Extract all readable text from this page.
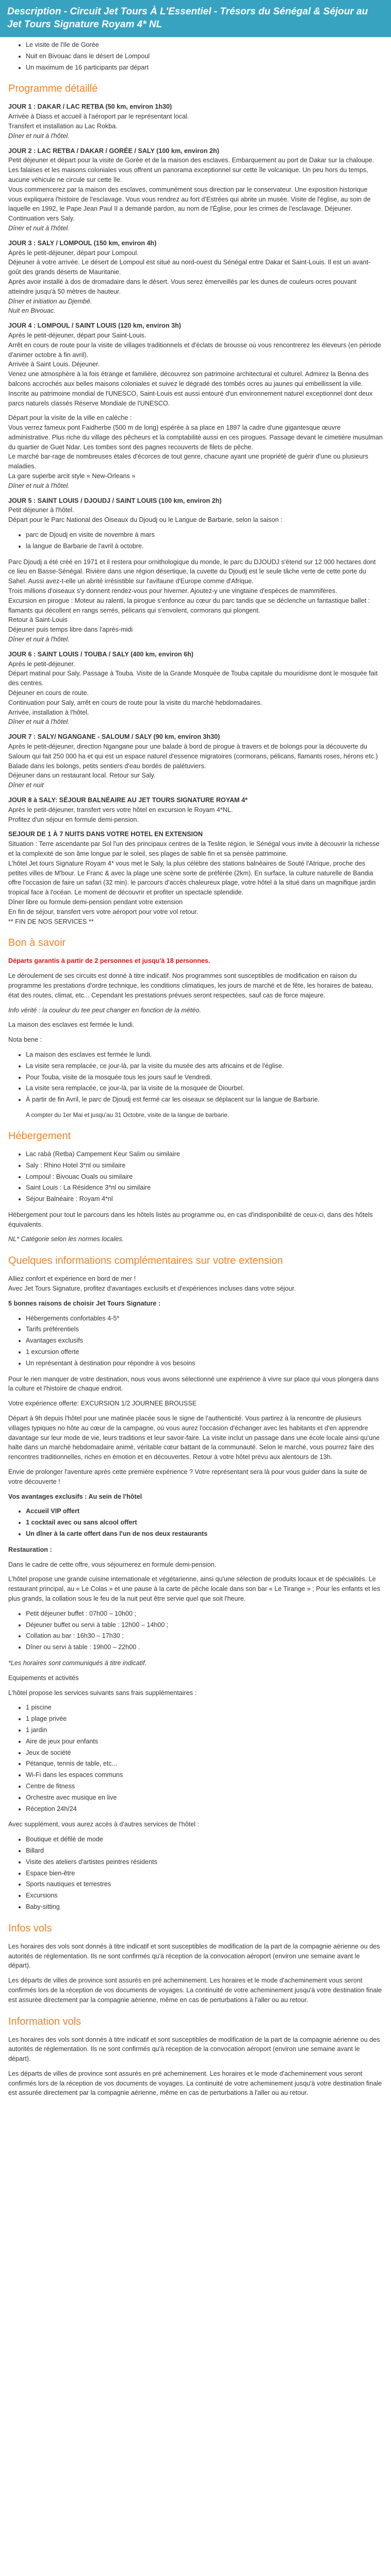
Description - Circuit Jet Tours À L'Essentiel - Trésors du Sénégal & Séjour au Jet Tours Signature Royam 4* NL
• Le visite de l'Ile de Gorée
• Nuit en Bivouac dans le désert de Lompoul
• Un maximum de 16 participants par départ
Programme détaillé
JOUR 1 : DAKAR / LAC RETBA (50 km, environ 1h30)
Arrivée à Diass et accueil à l'aéroport par le représentant local.
Transfert et installation au Lac Rokba.
Dîner et nuit à l'hôtel.
JOUR 2 : LAC RETBA / DAKAR / GORÉE / SALY (100 km, environ 2h)
Petit déjeuner et départ pour la visite de Gorée et de la maison des esclaves. Embarquement au port de Dakar sur la chaloupe. Les falaises et les maisons coloniales vous offrent un panorama exceptionnel sur cette île volcanique. Un peu hors du temps, aucune véhicule ne circule sur cette île.
Vous commencerez par la maison des esclaves, communément sous direction par le conservateur. Une exposition historique vous expliquera l'histoire de l'esclavage. Vous vous rendrez au fort d'Estrées qui abrite un musée. Visite de l'église, au soin de laquelle en 1992, le Pape Jean Paul II a demandé pardon, au nom de l'Église, pour les crimes de l'esclavage. Déjeuner.
Continuation vers Saly.
Dîner et nuit à l'hôtel.
JOUR 3 : SALY / LOMPOUL (150 km, environ 4h)
Après le petit-déjeuner, départ pour Lompoul.
Déjeuner à votre arrivée. Le désert de Lompoul est situé au nord-ouest du Sénégal entre Dakar et Saint-Louis. Il est un avant-goût des grands déserts de Mauritanie.
Après avoir installé à dos de dromadaire dans le désert. Vous serez émerveillés par les dunes de couleurs ocres pouvant atteindre jusqu'à 50 mètres de hauteur.
Dîner et initiation au Djembé.
Nuit en Bivouac.
JOUR 4 : LOMPOUL / SAINT LOUIS (120 km, environ 3h)
Après le petit-déjeuner, départ pour Saint-Louis.
Arrêt en cours de route pour la visite de villages traditionnels et d'éclats de brousse où vous rencontrerez les éleveurs (en période d'animer octobre à fin avril).
Arrivée à Saint Louis. Déjeuner.
Venez une atmosphère à la fois étrange et familière, découvrez son patrimoine architectural et culturel. Admirez la Benna des balcons accrochés aux belles maisons coloniales et suivez le dégradé des tombés ocres au jaunes qui embellissent la ville. Inscrite au patrimoine mondial de l'UNESCO, Saint-Louis est aussi entouré d'un environnement naturel exceptionnel dont deux parcs naturels classés Réserve Mondiale de l'UNESCO.
Départ pour la visite de la ville en calèche :
Vous verrez fameux pont Faidherbe (500 m de long) espérée à sa place en 1897 la cadre d'une gigantesque œuvre administrative. Plus riche du village des pêcheurs et la comptabilité aussi en ces pirogues. Passage devant le cimetière musulman du quartier de Guet Ndar. Les tombes sont des pagnes recouverts de filets de pêche.
Le marché bar-rage de nombreuses étales d'écorces de tout genre, chacune ayant une propriété de guérir d'une ou plusieurs maladies.
La gare superbe arcit style « New-Orleans »
Dîner et nuit à l'hôtel.
JOUR 5 : SAINT LOUIS / DJOUDJ / SAINT LOUIS (100 km, environ 2h)
Petit déjeuner à l'hôtel.
Départ pour le Parc National des Oiseaux du Djoudj ou le Langue de Barbarie, selon la saison :
• parc de Djoudj en visite de novembre à mars
• la langue de Barbarie de l'avril à octobre.
Parc Djoudj a été créé en 1971 et il restera pour ornithologique du monde, le parc du DJOUDJ s'étend sur 12 000 hectares dont ce lieu en Basse-Sénégal. Rivière dans une région désertique, la cuvette du Djoudj est le seule tâche verte de cette porte du Sahel. Aussi avez-t-elle un abrité irrésistible sur l'avifaune d'Europe comme d'Afrique.
Trois millions d'oiseaux s'y donnent rendez-vous pour hiverner. Ajoutez-y une vingtaine d'espèces de mammifères.
Excursion en pirogue : Moteur au ralenti, la pirogue s'enfonce au cœur du parc tandis que se déclenche un fantastique ballet : flamants qui décollent en rangs serrés, pélicans qui s'envolent, cormorans qui plongent.
Retour à Saint-Louis
Déjeuner puis temps libre dans l'après-midi
Dîner et nuit à l'hôtel.
JOUR 6 : SAINT LOUIS / TOUBA / SALY (400 km, environ 6h)
Après le petit-déjeuner.
Départ matinal pour Saly. Passage à Touba. Visite de la Grande Mosquée de Touba capitale du mouridisme dont le mosquée fait des centres.
Déjeuner en cours de route.
Continuation pour Saly, arrêt en cours de route pour la visite du marché hebdomadaires.
Arrivée, installation à l'hôtel.
Dîner et nuit à l'hôtel.
JOUR 7 : SALY/ NGANGANE - SALOUM / SALY (90 km, environ 3h30)
Après le petit-déjeuner, direction Ngangane pour une balade à bord de pirogue à travers et de bolongs pour la découverte du Saloum qui fait 250 000 ha et qui est un espace naturel d'essence migratoires (cormorans, pélicans, flamants roses, hérons etc.)
Balade dans les bolongs, petits sentiers d'eau bordés de palétuviers.
Déjeuner dans un restaurant local. Retour sur Saly.
Dîner et nuit
JOUR 8 à SALY: SÉJOUR BALNÉAIRE AU JET TOURS SIGNATURE ROYAM 4*
Après le petit-déjeuner, transfert vers votre hôtel en excursion le Royam 4*NL.
Profitez d'un séjour en formule demi-pension.
SEJOUR DE 1 À 7 NUITS DANS VOTRE HOTEL EN EXTENSION
Situation : Terre ascendante par Sol l'un des principaux centres de la Teslite région, le Sénégal vous invite à découvrir la richesse et la complexité de son âme longue par le soleil, ses plages de sable fin et sa pensée patrimoine.
L'hôtel Jet tours Signature Royam 4* vous met le Saly, la plus célèbre des stations balnéaires de Souté l'Atrique, proche des petites villes de M'bour. Le Franc & avec la plage une scène sorte de préférée (2km). En surface, la culture naturelle de Bandia offre l'occasion de faire un safari (32 min). le parcours d'accès chaleureux plage, votre hôtel à la situé dans un magnifique jardin tropical face à l'océan. Le moment de découvrir et profiter un spectacle splendide.
Dîner libre ou formule demi-pension pendant votre extension
En fin de séjour, transfert vers votre aéroport pour votre vol retour.
** FIN DE NOS SERVICES **
Bon à savoir
Départs garantis à partir de 2 personnes et jusqu'à 18 personnes.
Le déroulement de ses circuits est donné à titre indicatif. Nos programmes sont susceptibles de modification en raison du programme les prestations d'ordre technique, les conditions climatiques, les jours de marché et de fête, les horaires de bateau, état des routes, climat, etc... Cependant les prestations prévues seront respectées, sauf cas de force majeure.
Info vérité : la couleur du tee peut changer en fonction de la météo.
La maison des esclaves est fermée le lundi.
Nota bene :
• La maison des esclaves est fermée le lundi.
• La visite sera remplacée, ce jour-là, par la visite du musée des arts africains et de l'église.
• Pour Touba, visite de la mosquée tous les jours sauf le Vendredi.
• La visite sera remplacée, ce jour-là, par la visite de la mosquée de Diourbel.
• À partir de fin Avril, le parc de Djoudj est fermé car les oiseaux se déplacent sur la langue de Barbarie.
A compter du 1er Mai et jusqu'au 31 Octobre, visite de la langue de barbarie.
Hébergement
• Lac rabà (Retba) Campement Keur Salim ou similaire
• Saly : Rhino Hotel 3*nl ou similaire
• Lompoul : Bivouac Ouals ou similaire
• Saint Louis : La Résidence 3*nl ou similaire
• Séjour Balnéaire : Royam 4*nl
Hébergement pour tout le parcours dans les hôtels listés au programme ou, en cas d'indisponibilité de ceux-ci, dans des hôtels équivalents.
NL* Catégorie selon les normes locales.
Quelques informations complémentaires sur votre extension
Alliez confort et expérience en bord de mer !
Avec Jet Tours Signature, profitez d'avantages exclusifs et d'expériences incluses dans votre séjour.
5 bonnes raisons de choisir Jet Tours Signature :
• Hébergements confortables 4-5*
• Tarifs préférentiels
• Avantages exclusifs
• 1 excursion offerte
• Un représentant à destination pour répondre à vos besoins
Pour le rien manquer de votre destination, nous vous avons sélectionné une expérience à vivre sur place qui vous plongera dans la culture et l'histoire de chaque endroit.
Votre expérience offerte: EXCURSION 1/2 JOURNEE BROUSSE
Départ à 9h depuis l'hôtel pour une matinée placée sous le signe de l'authenticité. Vous partirez à la rencontre de plusieurs villages typiques no hôte au cœur de la campagne, où vous aurez l'occasion d'échanger avec les habitants et d'en apprendre davantage sur leur mode de vie, leurs traditions et leur savoir-faire. La visite inclut un passage dans une école locale ainsi qu'une halte dans un marché hebdomadaire animé, véritable cœur battant de la communauté. Selon le marché, vous pourrez faire des rencontres traditionnelles, riches en émotion et en découvertes. Retour à votre hôtel prévu aux alentours de 13h.
Envie de prolonger l'aventure après cette première expérience ? Votre représentant sera là pour vous guider dans la suite de votre découverte !
Vos avantages exclusifs : Au sein de l'hôtel
• Accueil VIP offert
• 1 cocktail avec ou sans alcool offert
• Un dîner à la carte offert dans l'un de nos deux restaurants
Restauration :
Dans le cadre de cette offre, vous séjournerez en formule demi-pension.
L'hôtel propose une grande cuisine internationale et végétarienne, ainsi qu'une sélection de produits locaux et de spécialités. Le restaurant principal, au « Le Colas » et une pause à la carte de pêche locale dans son bar « Le Tirange » ; Pour les enfants et les plus grands, la collation sous le feu de la nuit peut être servie quel que soit l'heure.
• Petit déjeuner buffet : 07h00 – 10h00 ;
• Déjeuner buffet ou servi à table : 12h00 – 14h00 ;
• Collation au bar : 16h30 – 17h30 ;
• Dîner ou servi à table : 19h00 – 22h00 .
*Les horaires sont communiqués à titre indicatif.
Equipements et activités
L'hôtel propose les services suivants sans frais supplémentaires :
• 1 piscine
• 1 plage privée
• 1 jardin
• Aire de jeux pour enfants
• Jeux de société
• Pétanque, tennis de table, etc...
• Wi-Fi dans les espaces communs
• Centre de fitness
• Orchestre avec musique en live
• Réception 24h/24
Avec supplément, vous aurez accès à d'autres services de l'hôtel :
• Boutique et défilé de mode
• Billard
• Visite des ateliers d'artistes peintres résidents
• Espace bien-être
• Sports nautiques et terrestres
• Excursions
• Baby-sitting
Infos vols
Les horaires des vols sont donnés à titre indicatif et sont susceptibles de modification de la part de la compagnie aérienne ou des autorités de réglementation. Ils ne sont confirmés qu'à réception de la convocation aéroport (environ une semaine avant le départ).
Les départs de villes de province sont assurés en pré acheminement. Les horaires et le mode d'acheminement vous seront confirmés lors de la réception de vos documents de voyages. La continuité de votre acheminement jusqu'à votre destination finale est assurée directement par la compagnie aérienne, même en cas de perturbations à l'aller ou au retour.
Information vols
Les horaires des vols sont donnés à titre indicatif et sont susceptibles de modification de la part de la compagnie aérienne ou des autorités de réglementation. Ils ne sont confirmés qu'à réception de la convocation aéroport (environ une semaine avant le départ).
Les départs de villes de province sont assurés en pré acheminement. Les horaires et le mode d'acheminement vous seront confirmés lors de la réception de vos documents de voyages. La continuité de votre acheminement jusqu'à votre destination finale est assurée directement par la compagnie aérienne, même en cas de perturbations à l'aller ou au retour.
